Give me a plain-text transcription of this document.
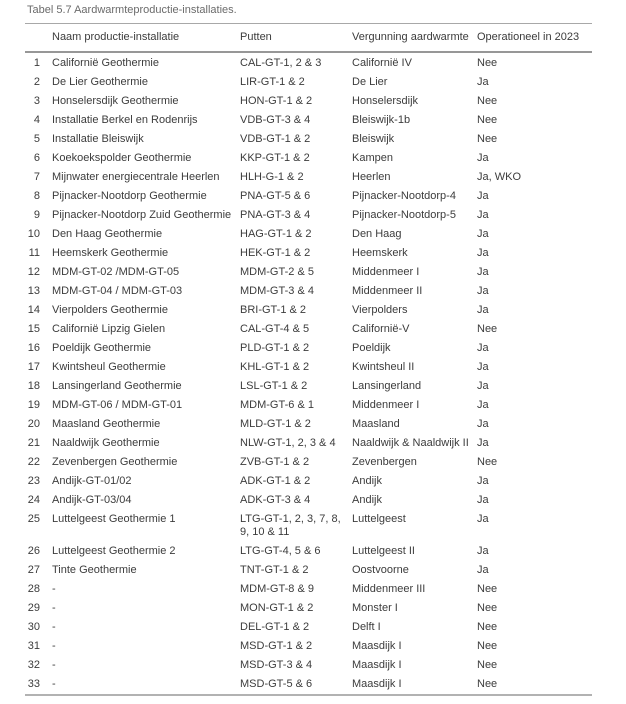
Tabel 5.7 Aardwarmteproductie-installaties.
	Naam productie-installatie	Putten	Vergunning aardwarmte	Operationeel in 2023
1	Californië Geothermie	CAL-GT-1, 2 & 3	Californië IV	Nee
2	De Lier Geothermie	LIR-GT-1 & 2	De Lier	Ja
3	Honselersdijk Geothermie	HON-GT-1 & 2	Honselersdijk	Nee
4	Installatie Berkel en Rodenrijs	VDB-GT-3 & 4	Bleiswijk-1b	Nee
5	Installatie Bleiswijk	VDB-GT-1 & 2	Bleiswijk	Nee
6	Koekoekspolder Geothermie	KKP-GT-1 & 2	Kampen	Ja
7	Mijnwater energiecentrale Heerlen	HLH-G-1 & 2	Heerlen	Ja, WKO
8	Pijnacker-Nootdorp Geothermie	PNA-GT-5 & 6	Pijnacker-Nootdorp-4	Ja
9	Pijnacker-Nootdorp Zuid Geothermie	PNA-GT-3 & 4	Pijnacker-Nootdorp-5	Ja
10	Den Haag Geothermie	HAG-GT-1 & 2	Den Haag	Ja
11	Heemskerk Geothermie	HEK-GT-1 & 2	Heemskerk	Ja
12	MDM-GT-02 /MDM-GT-05	MDM-GT-2 & 5	Middenmeer I	Ja
13	MDM-GT-04 / MDM-GT-03	MDM-GT-3 & 4	Middenmeer II	Ja
14	Vierpolders Geothermie	BRI-GT-1 & 2	Vierpolders	Ja
15	Californië Lipzig Gielen	CAL-GT-4 & 5	Californië-V	Nee
16	Poeldijk Geothermie	PLD-GT-1 & 2	Poeldijk	Ja
17	Kwintsheul Geothermie	KHL-GT-1 & 2	Kwintsheul II	Ja
18	Lansingerland Geothermie	LSL-GT-1 & 2	Lansingerland	Ja
19	MDM-GT-06 / MDM-GT-01	MDM-GT-6 & 1	Middenmeer I	Ja
20	Maasland Geothermie	MLD-GT-1 & 2	Maasland	Ja
21	Naaldwijk Geothermie	NLW-GT-1, 2, 3 & 4	Naaldwijk & Naaldwijk II	Ja
22	Zevenbergen Geothermie	ZVB-GT-1 & 2	Zevenbergen	Nee
23	Andijk-GT-01/02	ADK-GT-1 & 2	Andijk	Ja
24	Andijk-GT-03/04	ADK-GT-3 & 4	Andijk	Ja
25	Luttelgeest Geothermie 1	LTG-GT-1, 2, 3, 7, 8, 9, 10 & 11	Luttelgeest	Ja
26	Luttelgeest Geothermie 2	LTG-GT-4, 5 & 6	Luttelgeest II	Ja
27	Tinte Geothermie	TNT-GT-1 & 2	Oostvoorne	Ja
28	-	MDM-GT-8 & 9	Middenmeer III	Nee
29	-	MON-GT-1 & 2	Monster I	Nee
30	-	DEL-GT-1 & 2	Delft I	Nee
31	-	MSD-GT-1 & 2	Maasdijk I	Nee
32	-	MSD-GT-3 & 4	Maasdijk I	Nee
33	-	MSD-GT-5 & 6	Maasdijk I	Nee
